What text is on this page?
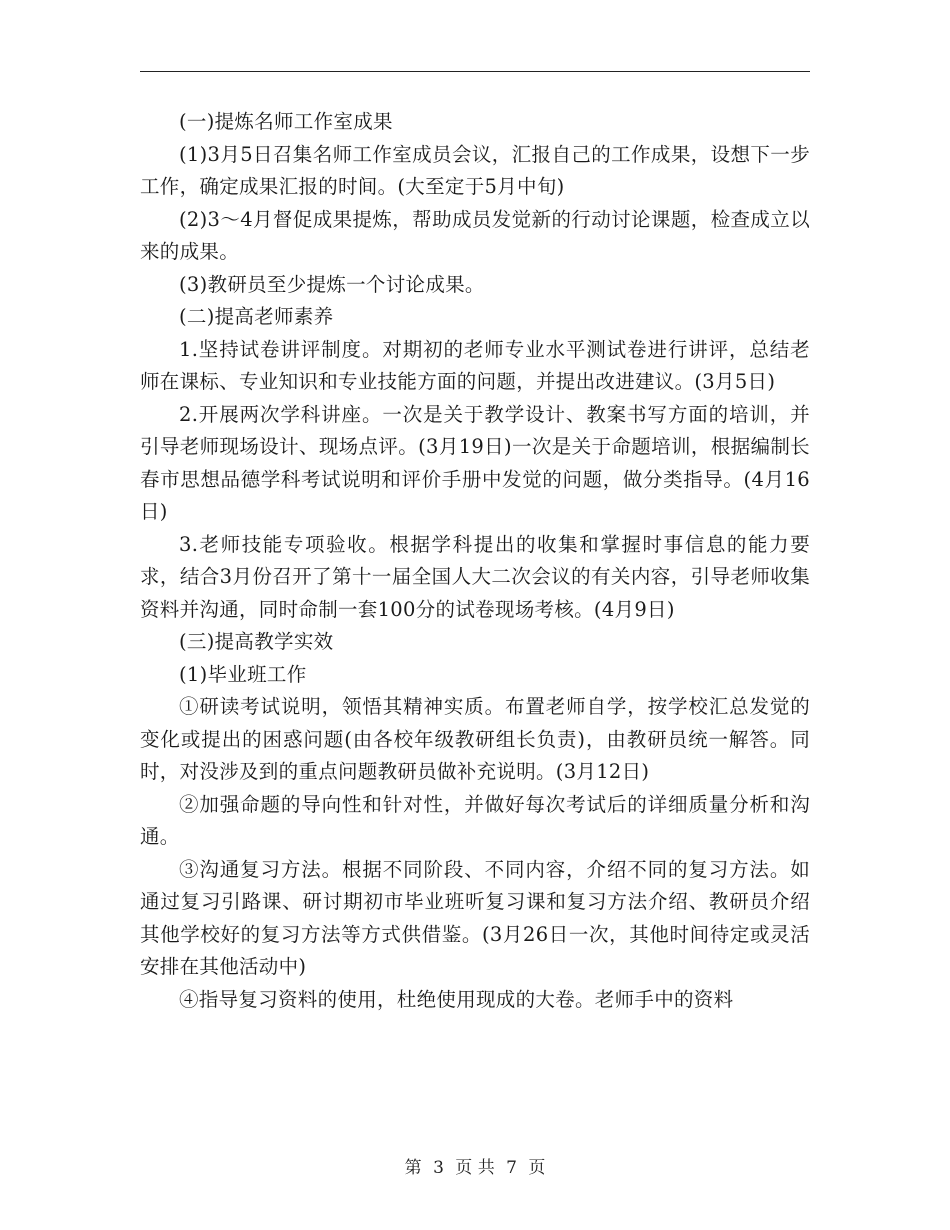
(一)提炼名师工作室成果

(1)3月5日召集名师工作室成员会议，汇报自己的工作成果，设想下一步工作，确定成果汇报的时间。(大至定于5月中旬)

(2)3～4月督促成果提炼，帮助成员发觉新的行动讨论课题，检查成立以来的成果。

(3)教研员至少提炼一个讨论成果。

(二)提高老师素养

1.坚持试卷讲评制度。对期初的老师专业水平测试卷进行讲评，总结老师在课标、专业知识和专业技能方面的问题，并提出改进建议。(3月5日)

2.开展两次学科讲座。一次是关于教学设计、教案书写方面的培训，并引导老师现场设计、现场点评。(3月19日)一次是关于命题培训，根据编制长春市思想品德学科考试说明和评价手册中发觉的问题，做分类指导。(4月16日)

3.老师技能专项验收。根据学科提出的收集和掌握时事信息的能力要求，结合3月份召开了第十一届全国人大二次会议的有关内容，引导老师收集资料并沟通，同时命制一套100分的试卷现场考核。(4月9日)

(三)提高教学实效

(1)毕业班工作

①研读考试说明，领悟其精神实质。布置老师自学，按学校汇总发觉的变化或提出的困惑问题(由各校年级教研组长负责)，由教研员统一解答。同时，对没涉及到的重点问题教研员做补充说明。(3月12日)

②加强命题的导向性和针对性，并做好每次考试后的详细质量分析和沟通。

③沟通复习方法。根据不同阶段、不同内容，介绍不同的复习方法。如通过复习引路课、研讨期初市毕业班听复习课和复习方法介绍、教研员介绍其他学校好的复习方法等方式供借鉴。(3月26日一次，其他时间待定或灵活安排在其他活动中)

④指导复习资料的使用，杜绝使用现成的大卷。老师手中的资料

第 3 页 共 7 页
